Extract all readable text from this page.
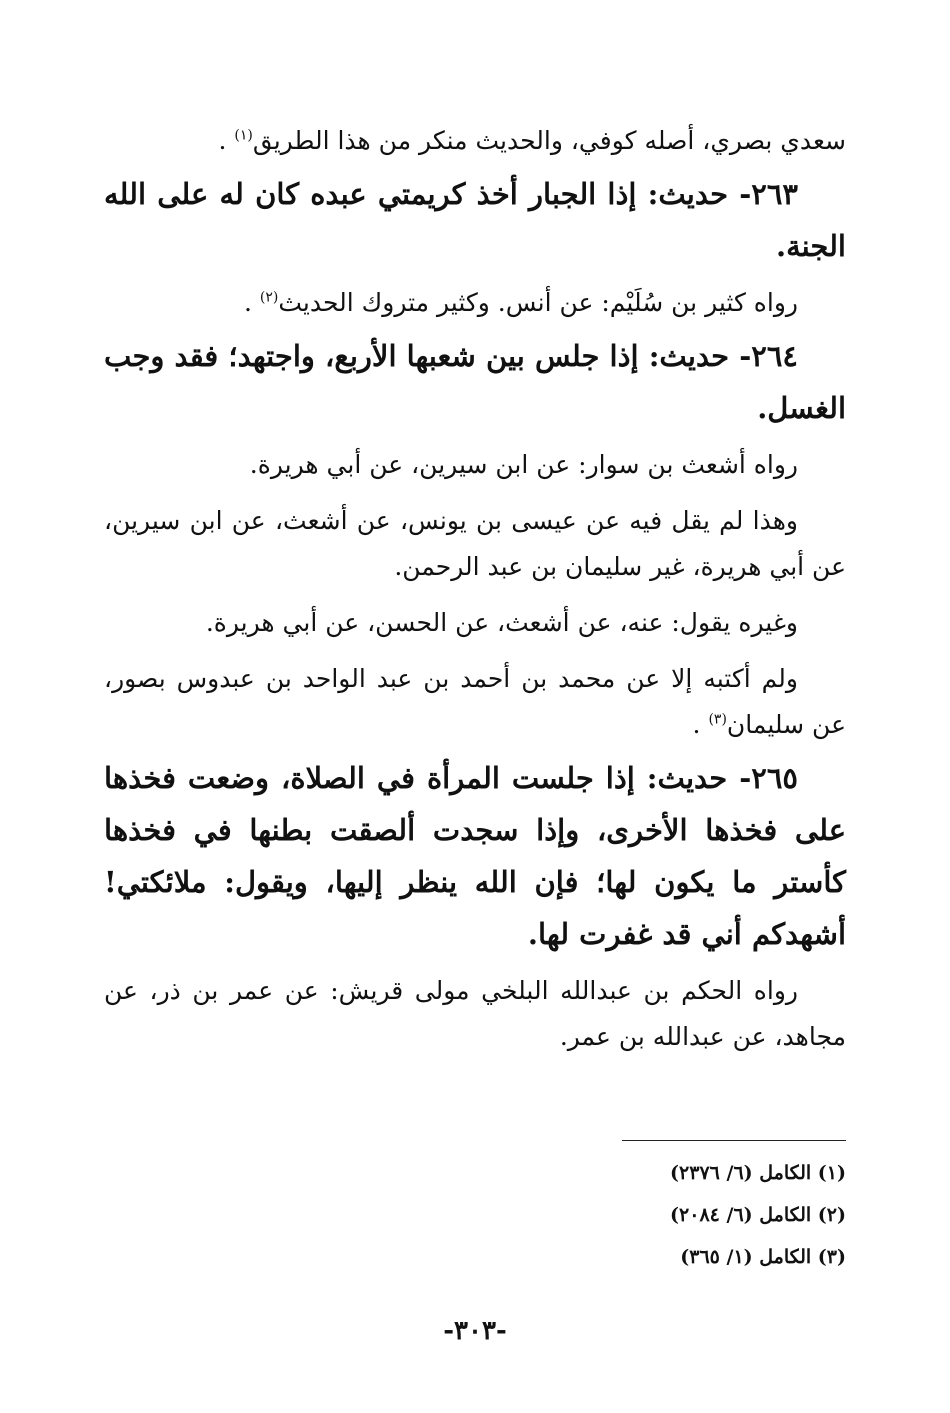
سعدي بصري، أصله كوفي، والحديث منكر من هذا الطريق$^{(١)}$ .

٢٦٣- حديث: إذا الجبار أخذ كريمتي عبده كان له على الله الجنة.

رواه كثير بن سُلَيْم: عن أنس. وكثير متروك الحديث$^{(٢)}$ .

٢٦٤- حديث: إذا جلس بين شعبها الأربع، واجتهد؛ فقد وجب الغسل.

رواه أشعث بن سوار: عن ابن سيرين، عن أبي هريرة.

وهذا لم يقل فيه عن عيسى بن يونس، عن أشعث، عن ابن سيرين، عن أبي هريرة، غير سليمان بن عبد الرحمن.

وغيره يقول: عنه، عن أشعث، عن الحسن، عن أبي هريرة.

ولم أكتبه إلا عن محمد بن أحمد بن عبد الواحد بن عبدوس بصور، عن سليمان$^{(٣)}$ .

٢٦٥- حديث: إذا جلست المرأة في الصلاة، وضعت فخذها على فخذها الأخرى، وإذا سجدت ألصقت بطنها في فخذها كأستر ما يكون لها؛ فإن الله ينظر إليها، ويقول: ملائكتي! أشهدكم أني قد غفرت لها.

رواه الحكم بن عبدالله البلخي مولى قريش: عن عمر بن ذر، عن مجاهد، عن عبدالله بن عمر.

(١) الكامل (٦/ ٢٣٧٦)

(٢) الكامل (٦/ ٢٠٨٤)

(٣) الكامل (١/ ٣٦٥)

-٣٠٣-
